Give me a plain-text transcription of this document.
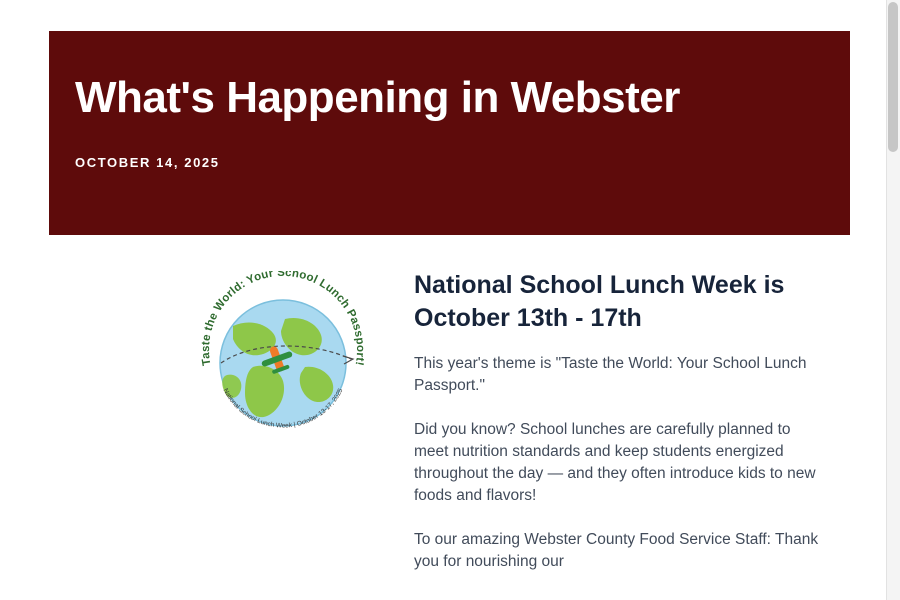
What's Happening in Webster
OCTOBER 14, 2025
Taste the World: Your School Lunch Passport!
National School Lunch Week | October 13-17, 2025
National School Lunch Week is October 13th - 17th

This year's theme is "Taste the World: Your School Lunch Passport."

Did you know? School lunches are carefully planned to meet nutrition standards and keep students energized throughout the day — and they often introduce kids to new foods and flavors!

To our amazing Webster County Food Service Staff: Thank you for nourishing our
